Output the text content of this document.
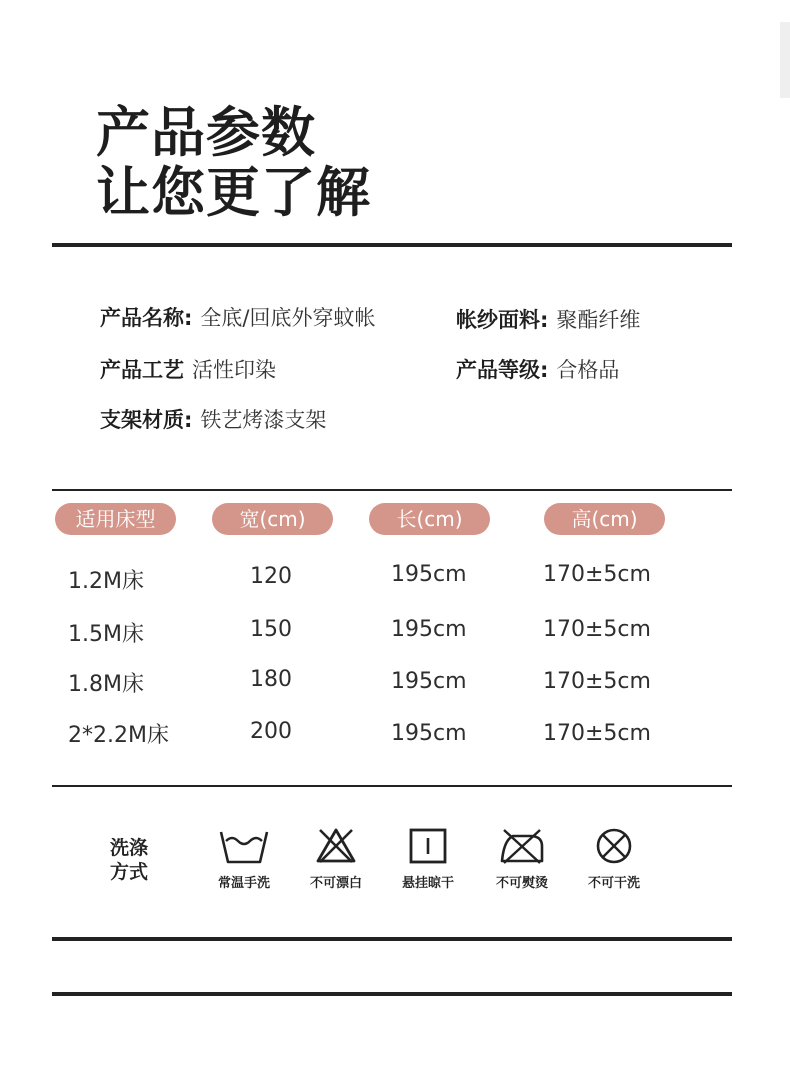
产品参数
让您更了解
产品名称: 全底/回底外穿蚊帐	帐纱面料: 聚酯纤维
产品工艺 活性印染	产品等级: 合格品
支架材质: 铁艺烤漆支架
适用床型	宽(cm)	长(cm)	高(cm)
1.2M床	120	195cm	170±5cm
1.5M床	150	195cm	170±5cm
1.8M床	180	195cm	170±5cm
2*2.2M床	200	195cm	170±5cm
洗涤
方式
常温手洗	不可漂白	悬挂晾干	不可熨烫	不可干洗
